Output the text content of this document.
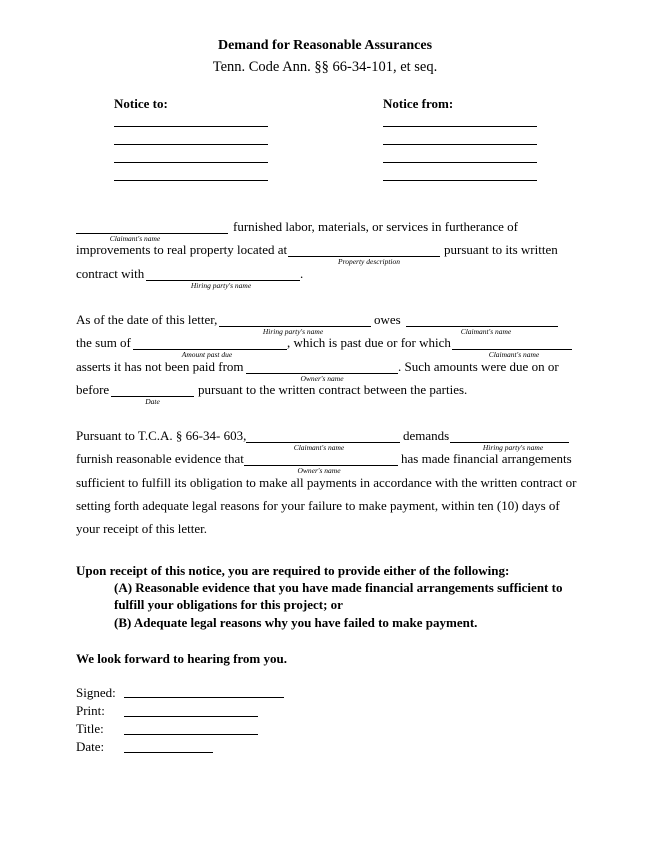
Demand for Reasonable Assurances
Tenn. Code Ann. §§ 66-34-101, et seq.
Notice to:	Notice from:
furnished labor, materials, or services in furtherance of
Claimant's name
improvements to real property located at	pursuant to its written
Property description
contract with	.
Hiring party's name
As of the date of this letter,	owes
Hiring party's name	Claimant's name
the sum of	, which is past due or for which
Amount past due	Claimant's name
asserts it has not been paid from	. Such amounts were due on or
Owner's name
before	pursuant to the written contract between the parties.
Date
Pursuant to T.C.A. § 66-34- 603,	demands
Claimant's name	Hiring party's name
furnish reasonable evidence that	has made financial arrangements
Owner's name
sufficient to fulfill its obligation to make all payments in accordance with the written contract or
setting forth adequate legal reasons for your failure to make payment, within ten (10) days of
your receipt of this letter.
Upon receipt of this notice, you are required to provide either of the following:
(A) Reasonable evidence that you have made financial arrangements sufficient to
fulfill your obligations for this project; or
(B) Adequate legal reasons why you have failed to make payment.
We look forward to hearing from you.
Signed:
Print:
Title:
Date:
